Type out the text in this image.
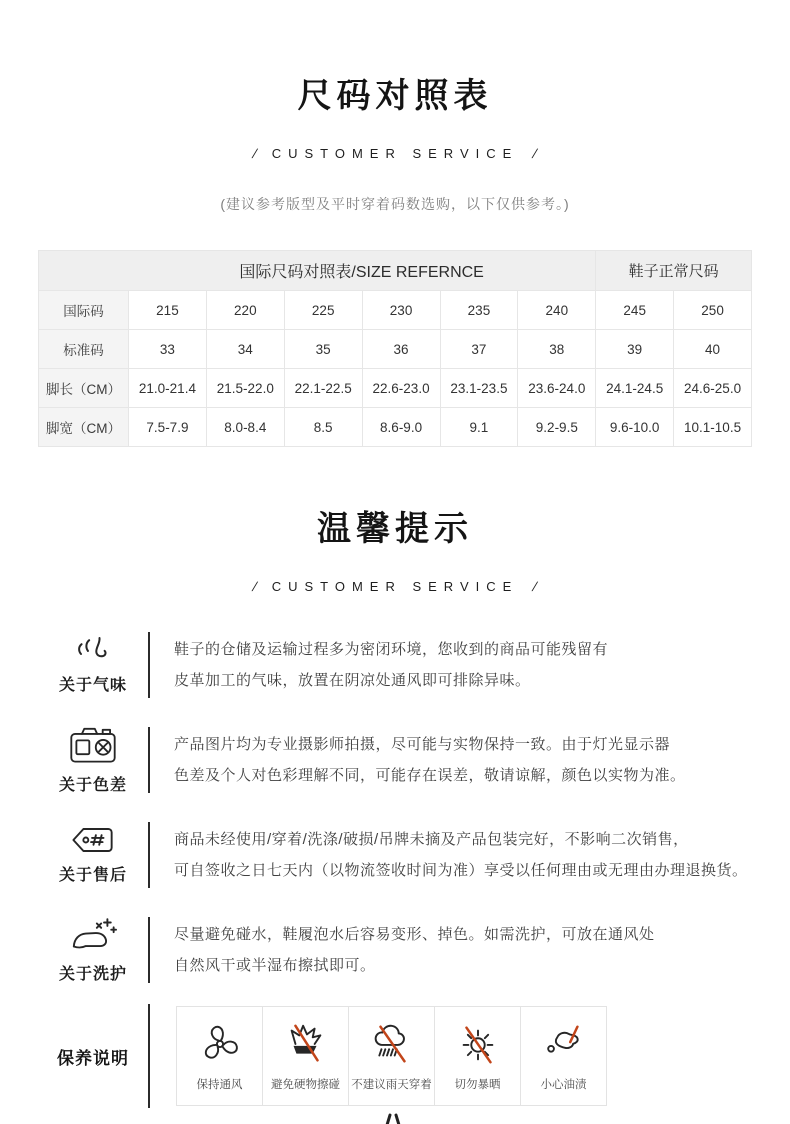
尺码对照表
/ CUSTOMER SERVICE /

(建议参考版型及平时穿着码数选购，以下仅供参考。)

国际尺码对照表/SIZE REFERNCE							鞋子正常尺码	
国际码	215	220	225	230	235	240	245	250
标准码	33	34	35	36	37	38	39	40
脚长（CM）	21.0-21.4	21.5-22.0	22.1-22.5	22.6-23.0	23.1-23.5	23.6-24.0	24.1-24.5	24.6-25.0
脚宽（CM）	7.5-7.9	8.0-8.4	8.5	8.6-9.0	9.1	9.2-9.5	9.6-10.0	10.1-10.5
温馨提示
/ CUSTOMER SERVICE /
关于气味
鞋子的仓储及运输过程多为密闭环境，您收到的商品可能残留有
皮革加工的气味，放置在阴凉处通风即可排除异味。
关于色差
产品图片均为专业摄影师拍摄，尽可能与实物保持一致。由于灯光显示器
色差及个人对色彩理解不同，可能存在误差，敬请谅解，颜色以实物为准。
关于售后
商品未经使用/穿着/洗涤/破损/吊牌未摘及产品包装完好，不影响二次销售，
可自签收之日七天内（以物流签收时间为准）享受以任何理由或无理由办理退换货。
关于洗护
尽量避免碰水，鞋履泡水后容易变形、掉色。如需洗护，可放在通风处
自然风干或半湿布擦拭即可。
保养说明
保持通风 避免硬物擦碰 不建议雨天穿着 切勿暴晒	小心油渍
